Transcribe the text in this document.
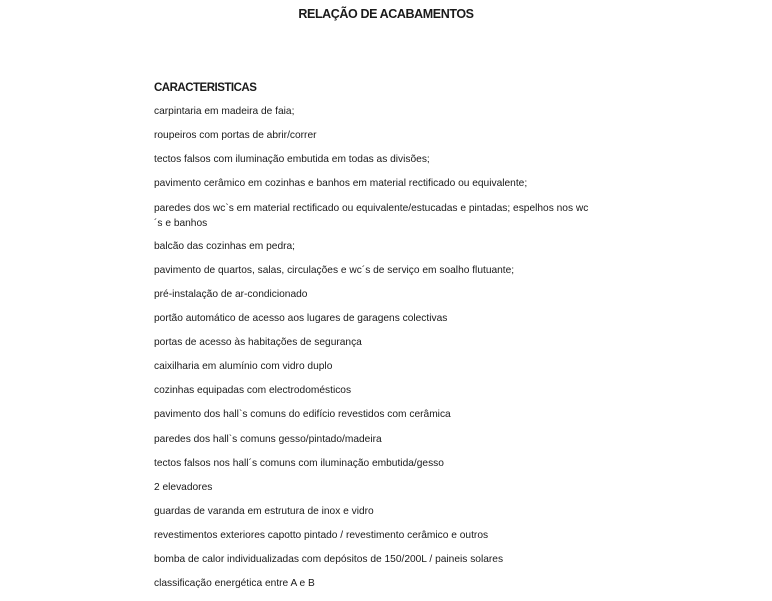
RELAÇÃO DE ACABAMENTOS
CARACTERISTICAS
carpintaria em madeira de faia;
roupeiros com portas de abrir/correr
tectos falsos com iluminação embutida em todas as divisões;
pavimento cerâmico em cozinhas e banhos em material rectificado ou equivalente;
paredes dos wc`s em material rectificado ou equivalente/estucadas e pintadas; espelhos nos wc´s e banhos
balcão das cozinhas em pedra;
pavimento de quartos, salas, circulações e wc´s de serviço em soalho flutuante;
pré-instalação de ar-condicionado
portão automático de acesso aos lugares de garagens colectivas
portas de acesso às habitações de segurança
caixilharia em alumínio com vidro duplo
cozinhas equipadas com electrodomésticos
pavimento dos hall`s comuns do edifício revestidos com cerâmica
paredes dos hall`s comuns gesso/pintado/madeira
tectos falsos nos hall´s comuns com iluminação embutida/gesso
2 elevadores
guardas de varanda em estrutura de inox e vidro
revestimentos exteriores capotto pintado / revestimento cerâmico e outros
bomba de calor individualizadas com depósitos de 150/200L / paineis solares
classificação energética entre A e B
